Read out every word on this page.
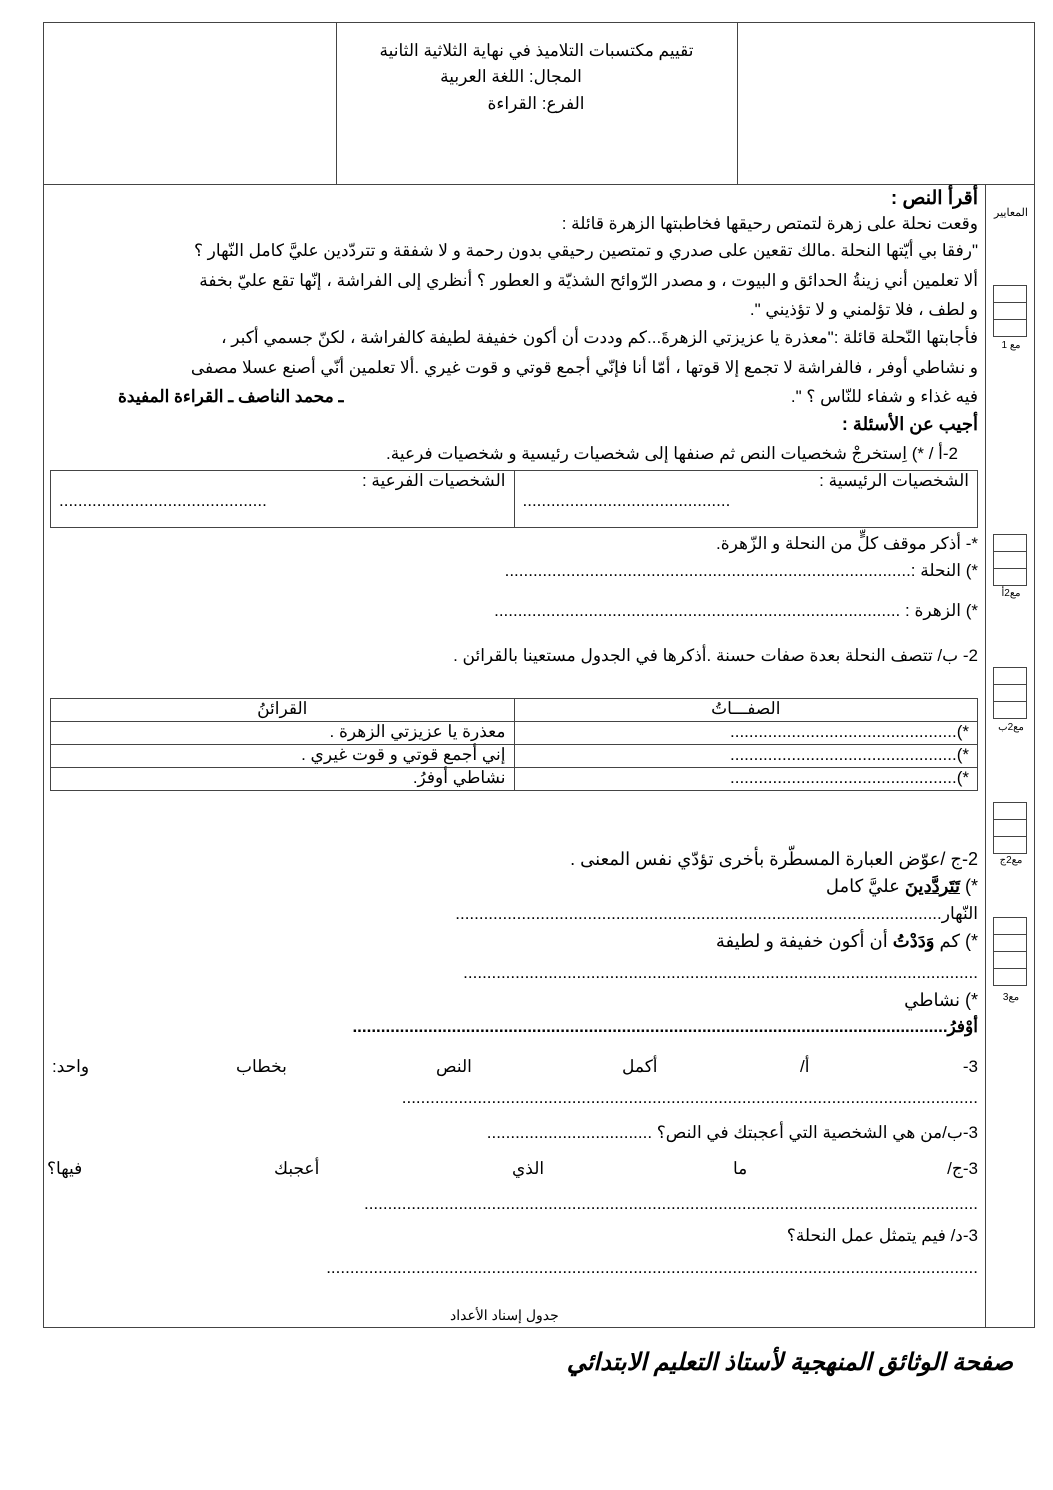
تقييم مكتسبات التلاميذ في نهاية الثلاثية الثانية
المجال: اللغة العربية
الفرع: القراءة
المعايير
مع 1
مع2أ
مع2ب
مع2ج
مع3
أقرأ النص :
وقعت نحلة على زهرة لتمتص رحيقها فخاطبتها الزهرة قائلة :
"رفقا بي أيّتها النحلة .مالك تقعين على صدري و تمتصين رحيقي بدون رحمة و لا شفقة و تتردّدين عليَّ كامل النّهار ؟
ألا تعلمين أني زينةُ الحدائق و البيوت ، و مصدر الرّوائح الشذيّة و العطور ؟ أنظري إلى الفراشة ، إنّها تقع عليّ بخفة
و لطف ، فلا تؤلمني و لا تؤذيني ".
فأجابتها النّحلة قائلة :"معذرة يا عزيزتي الزهرةَ...كم وددت أن أكون خفيفة لطيفة كالفراشة ، لكنّ جسمي أكبر ،
و نشاطي أوفر ، فالفراشة لا تجمع إلا قوتها ، أمّا أنا فإنّي أجمع قوتي و قوت غيري .ألا تعلمين أنّي أصنع عسلا مصفى
فيه غذاء و شفاء للنّاس ؟ ".
ـ محمد الناصف ـ القراءة المفيدة
أجيب عن الأسئلة :
2-أ / *) اِستخرجْ شخصيات النص ثم صنفها إلى شخصيات رئيسية و شخصيات فرعية.
الشخصيات الرئيسية :
............................................

الشخصيات الفرعية :
............................................
*- أذكر موقف كلٍّ من النحلة و الزّهرة.
*) النحلة :......................................................................................
*) الزهرة : ......................................................................................
2- ب/ تتصف النحلة بعدة صفات حسنة .أذكرها في الجدول مستعينا بالقرائن .
الصفـــاتُ	القرائنُ
*)................................................	معذرة يا عزيزتي الزهرة .
*)................................................	إني أجمع قوتي و قوت غيري .
*)................................................	نشاطي أوفرُ.
2-ج /عوّض العبارة المسطّرة بأخرى تؤدّي نفس المعنى .
*) تَتَردَّدينَ عليَّ كامل
النّهار.......................................................................................................
*) كم وَدَدْتُ أن أكون خفيفة و لطيفة
.............................................................................................................
*) نشاطي
أوْفرُ..............................................................................................................................
3-
أ/
أكمل
النص
بخطاب
واحد:
..........................................................................................................................
3-ب/من هي الشخصية التي أعجبتك في النص؟ ...................................
3-ج/
ما
الذي
أعجبك
فيها؟
..................................................................................................................................
3-د/ فيم يتمثل عمل النحلة؟
..........................................................................................................................................
جدول إسناد الأعداد
صفحة الوثائق المنهجية لأستاذ التعليم الابتدائي
